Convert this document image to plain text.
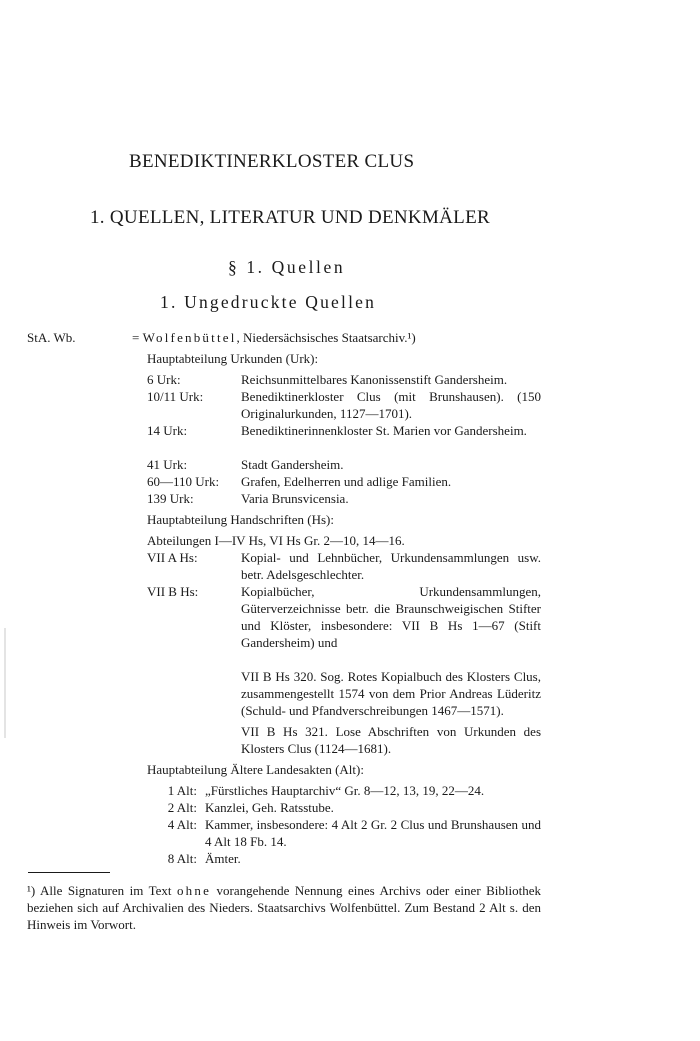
BENEDIKTINERKLOSTER CLUS
1. QUELLEN, LITERATUR UND DENKMÄLER
§ 1. Quellen
1. Ungedruckte Quellen
StA. Wb.	= Wolfenbüttel, Niedersächsisches Staatsarchiv.¹)
Hauptabteilung Urkunden (Urk):
6 Urk:	Reichsunmittelbares Kanonissenstift Gandersheim.
10/11 Urk:	Benediktinerkloster Clus (mit Brunshausen). (150 Originalurkunden, 1127—1701).
14 Urk:	Benediktinerinnenkloster St. Marien vor Gandersheim.
41 Urk:	Stadt Gandersheim.
60—110 Urk: Grafen, Edelherren und adlige Familien.
139 Urk:	Varia Brunsvicensia.
Hauptabteilung Handschriften (Hs):
Abteilungen I—IV Hs, VI Hs Gr. 2—10, 14—16.
VII A Hs:	Kopial- und Lehnbücher, Urkundensammlungen usw. betr. Adelsgeschlechter.
VII B Hs:	Kopialbücher, Urkundensammlungen, Güterverzeichnisse betr. die Braunschweigischen Stifter und Klöster, insbesondere: VII B Hs 1—67 (Stift Gandersheim) und
VII B Hs 320. Sog. Rotes Kopialbuch des Klosters Clus, zusammengestellt 1574 von dem Prior Andreas Lüderitz (Schuld- und Pfandverschreibungen 1467—1571).
VII B Hs 321. Lose Abschriften von Urkunden des Klosters Clus (1124—1681).
Hauptabteilung Ältere Landesakten (Alt):
1 Alt: „Fürstliches Hauptarchiv“ Gr. 8—12, 13, 19, 22—24.
2 Alt: Kanzlei, Geh. Ratsstube.
4 Alt: Kammer, insbesondere: 4 Alt 2 Gr. 2 Clus und Brunshausen und 4 Alt 18 Fb. 14.
8 Alt: Ämter.
¹) Alle Signaturen im Text ohne vorangehende Nennung eines Archivs oder einer Bibliothek beziehen sich auf Archivalien des Nieders. Staatsarchivs Wolfenbüttel. Zum Bestand 2 Alt s. den Hinweis im Vorwort.
